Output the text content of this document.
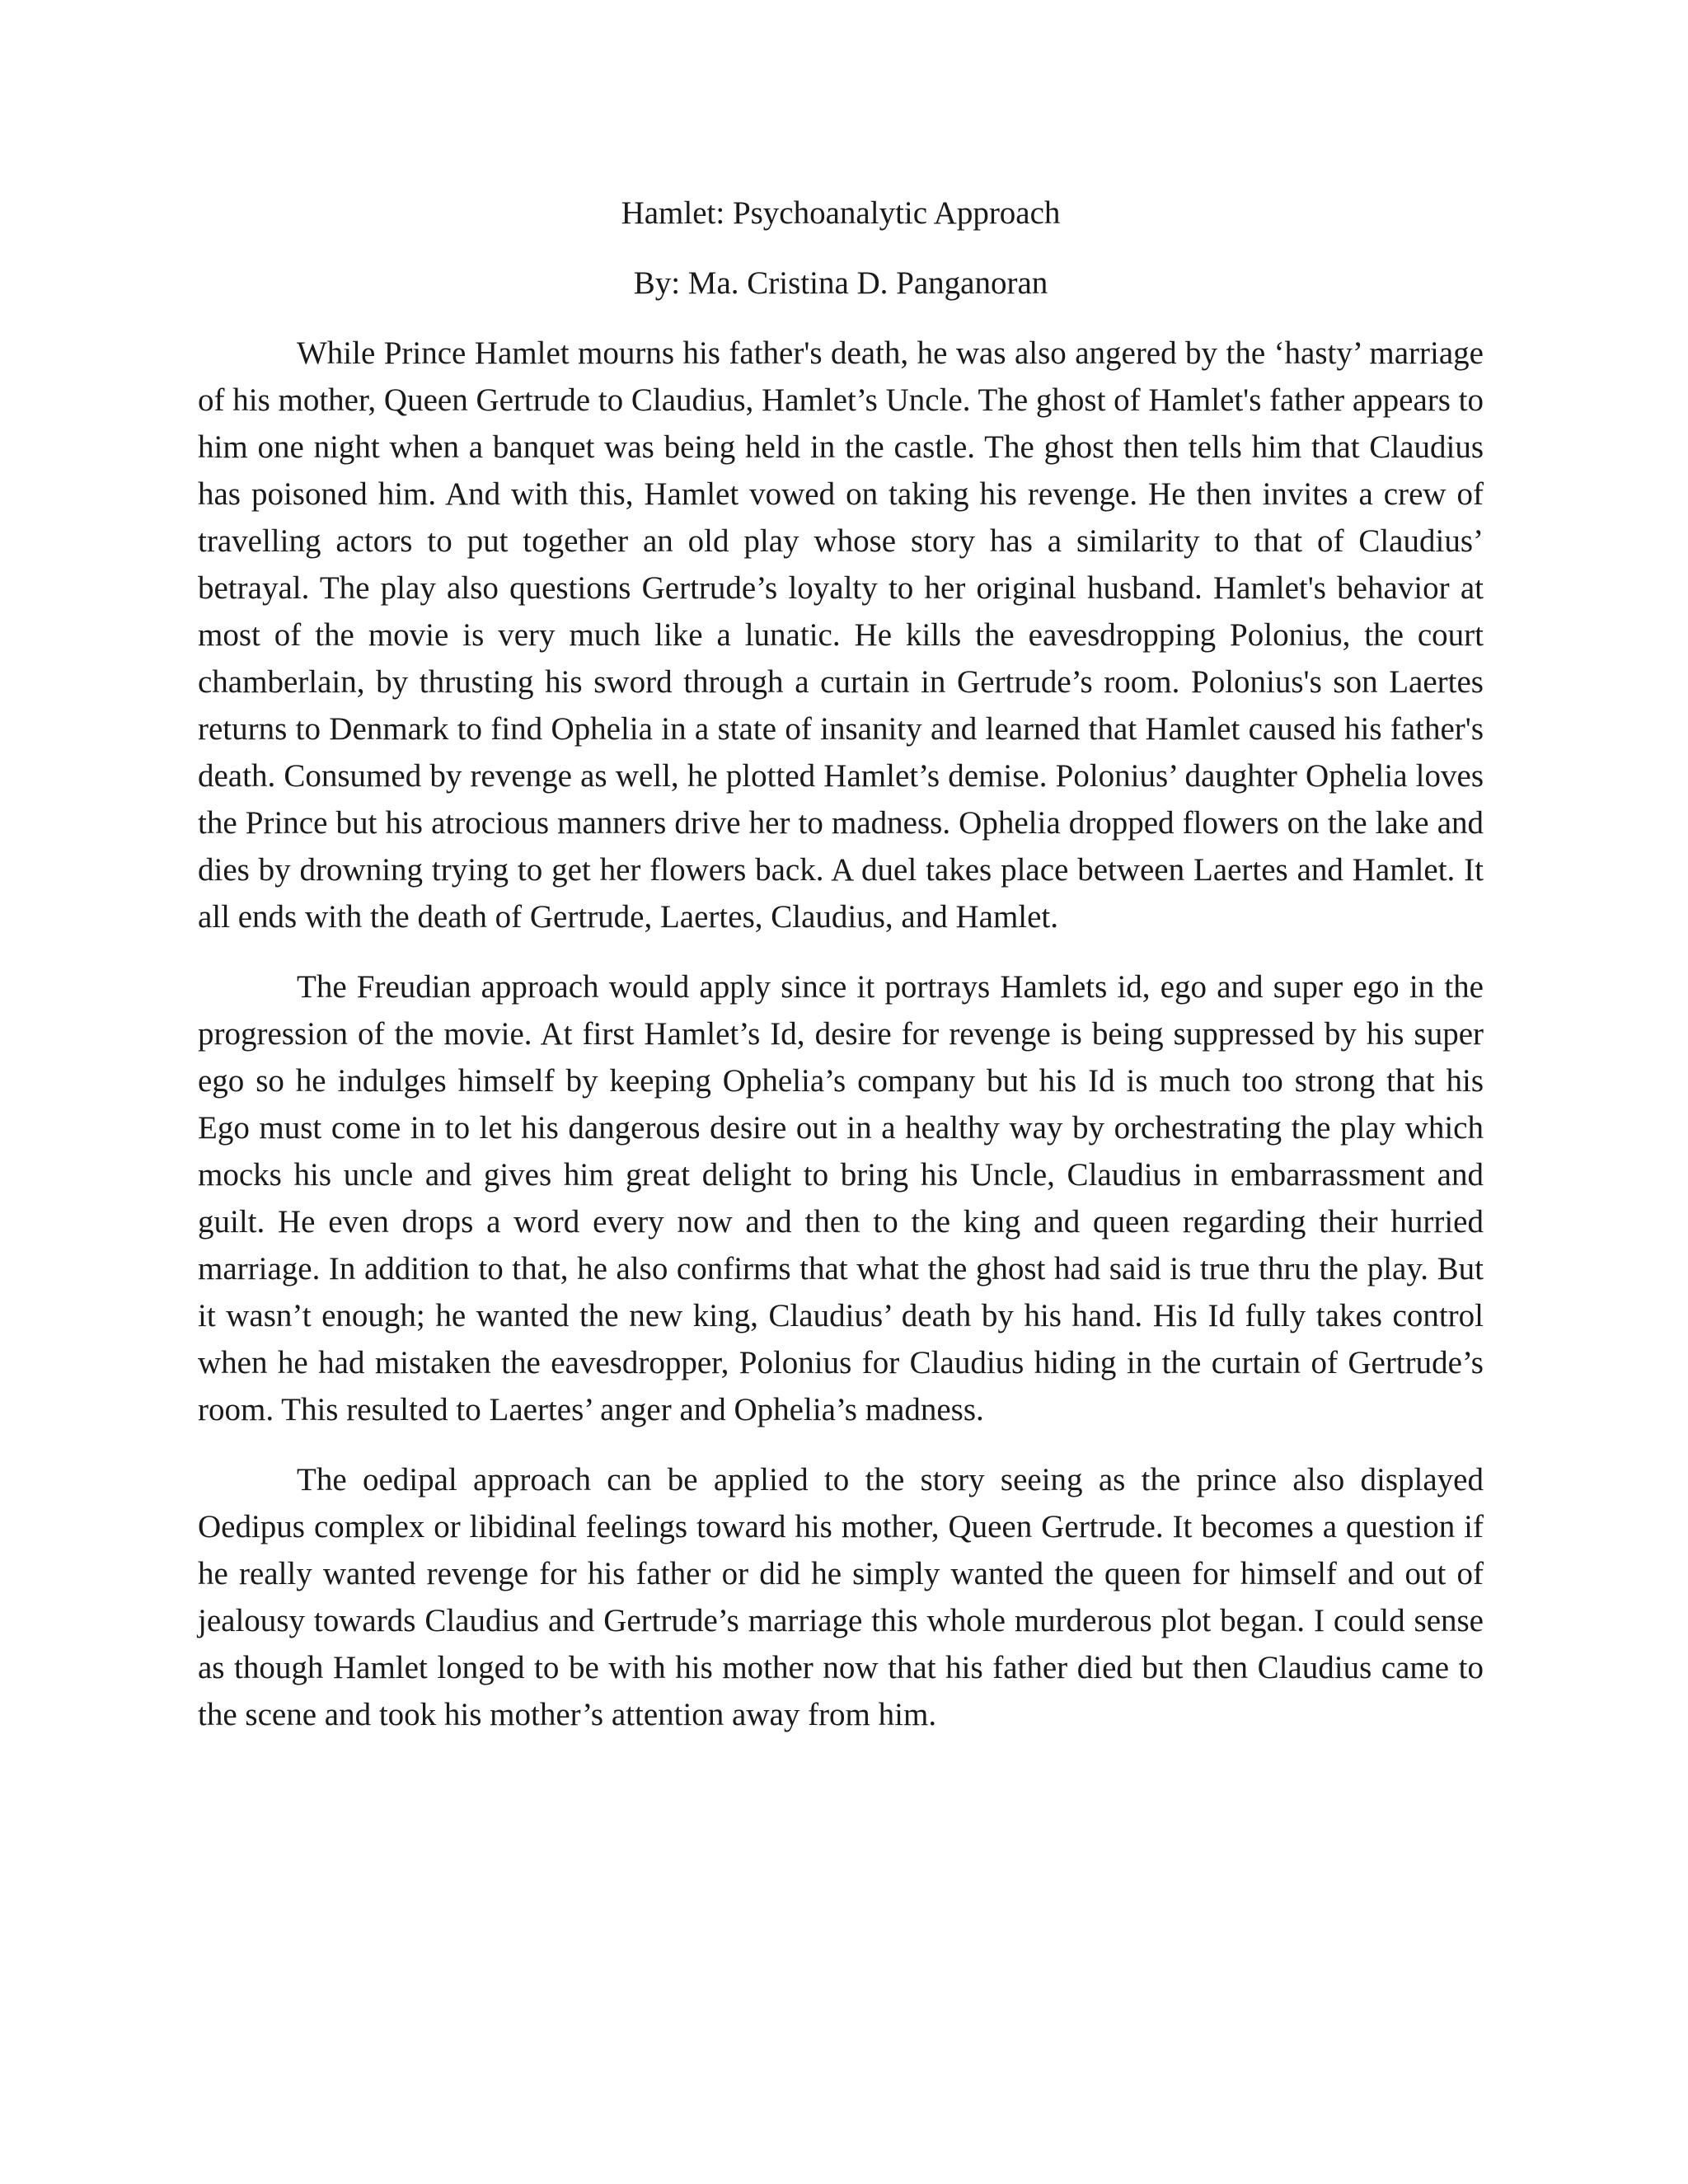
Hamlet: Psychoanalytic Approach

By: Ma. Cristina D. Panganoran

While Prince Hamlet mourns his father's death, he was also angered by the ‘hasty’ marriage of his mother, Queen Gertrude to Claudius, Hamlet’s Uncle. The ghost of Hamlet's father appears to him one night when a banquet was being held in the castle. The ghost then tells him that Claudius has poisoned him. And with this, Hamlet vowed on taking his revenge. He then invites a crew of travelling actors to put together an old play whose story has a similarity to that of Claudius’ betrayal. The play also questions Gertrude’s loyalty to her original husband. Hamlet's behavior at most of the movie is very much like a lunatic. He kills the eavesdropping Polonius, the court chamberlain, by thrusting his sword through a curtain in Gertrude’s room. Polonius's son Laertes returns to Denmark to find Ophelia in a state of insanity and learned that Hamlet caused his father's death. Consumed by revenge as well, he plotted Hamlet’s demise. Polonius’ daughter Ophelia loves the Prince but his atrocious manners drive her to madness. Ophelia dropped flowers on the lake and dies by drowning trying to get her flowers back. A duel takes place between Laertes and Hamlet. It all ends with the death of Gertrude, Laertes, Claudius, and Hamlet.

The Freudian approach would apply since it portrays Hamlets id, ego and super ego in the progression of the movie. At first Hamlet’s Id, desire for revenge is being suppressed by his super ego so he indulges himself by keeping Ophelia’s company but his Id is much too strong that his Ego must come in to let his dangerous desire out in a healthy way by orchestrating the play which mocks his uncle and gives him great delight to bring his Uncle, Claudius in embarrassment and guilt. He even drops a word every now and then to the king and queen regarding their hurried marriage. In addition to that, he also confirms that what the ghost had said is true thru the play. But it wasn’t enough; he wanted the new king, Claudius’ death by his hand. His Id fully takes control when he had mistaken the eavesdropper, Polonius for Claudius hiding in the curtain of Gertrude’s room. This resulted to Laertes’ anger and Ophelia’s madness.

The oedipal approach can be applied to the story seeing as the prince also displayed Oedipus complex or libidinal feelings toward his mother, Queen Gertrude. It becomes a question if he really wanted revenge for his father or did he simply wanted the queen for himself and out of jealousy towards Claudius and Gertrude’s marriage this whole murderous plot began. I could sense as though Hamlet longed to be with his mother now that his father died but then Claudius came to the scene and took his mother’s attention away from him.
